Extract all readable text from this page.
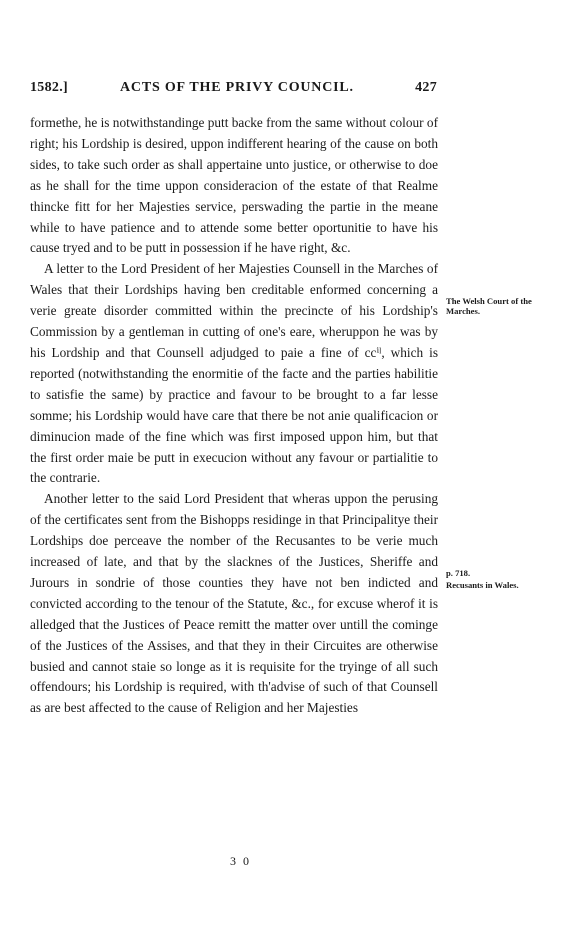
1582.]	ACTS OF THE PRIVY COUNCIL.	427

formethe, he is notwithstandinge putt backe from the same without colour of right; his Lordship is desired, uppon indifferent hearing of the cause on both sides, to take such order as shall appertaine unto justice, or otherwise to doe as he shall for the time uppon consideracion of the estate of that Realme thincke fitt for her Majesties service, perswading the partie in the meane while to have patience and to attende some better oportunitie to have his cause tryed and to be putt in possession if he have right, &c.

A letter to the Lord President of her Majesties Counsell in the Marches of Wales that their Lordships having ben creditable enformed concerning a verie greate disorder committed within the precincte of his Lordship's Commission by a gentleman in cutting of one's eare, wheruppon he was by his Lordship and that Counsell adjudged to paie a fine of ccⁱˡ, which is reported (notwithstanding the enormitie of the facte and the parties habilitie to satisfie the same) by practice and favour to be brought to a far lesse somme; his Lordship would have care that there be not anie qualificacion or diminucion made of the fine which was first imposed uppon him, but that the first order maie be putt in execucion without any favour or partialitie to the contrarie.

Another letter to the said Lord President that wheras uppon the perusing of the certificates sent from the Bishopps residinge in that Principalitye their Lordships doe perceave the nomber of the Recusantes to be verie much increased of late, and that by the slacknes of the Justices, Sheriffe and Jurours in sondrie of those counties they have not ben indicted and convicted according to the tenour of the Statute, &c., for excuse wherof it is alledged that the Justices of Peace remitt the matter over untill the cominge of the Justices of the Assises, and that they in their Circuites are otherwise busied and cannot staie so longe as it is requisite for the tryinge of all such offendours; his Lordship is required, with th'advise of such of that Counsell as are best affected to the cause of Religion and her Majesties

The Welsh Court of the Marches.
p. 718.
Recusants in Wales.
3 0
